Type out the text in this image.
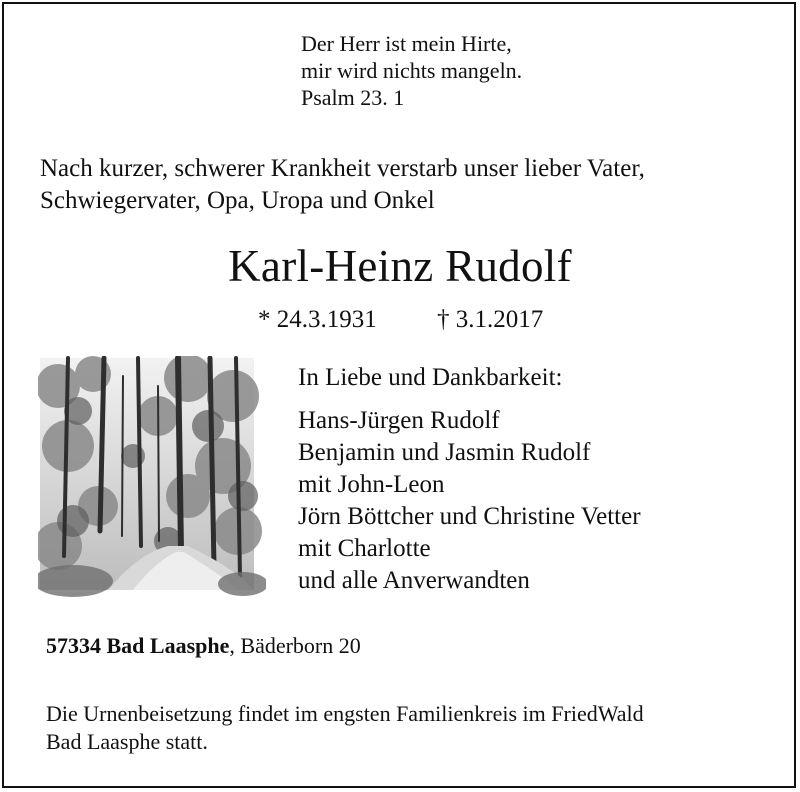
Der Herr ist mein Hirte,
mir wird nichts mangeln.
Psalm 23. 1
Nach kurzer, schwerer Krankheit verstarb unser lieber Vater,
Schwiegervater, Opa, Uropa und Onkel
Karl-Heinz Rudolf
* 24.3.1931 † 3.1.2017
In Liebe und Dankbarkeit:
Hans-Jürgen Rudolf
Benjamin und Jasmin Rudolf
mit John-Leon
Jörn Böttcher und Christine Vetter
mit Charlotte
und alle Anverwandten
57334 Bad Laasphe, Bäderborn 20
Die Urnenbeisetzung findet im engsten Familienkreis im FriedWald
Bad Laasphe statt.
